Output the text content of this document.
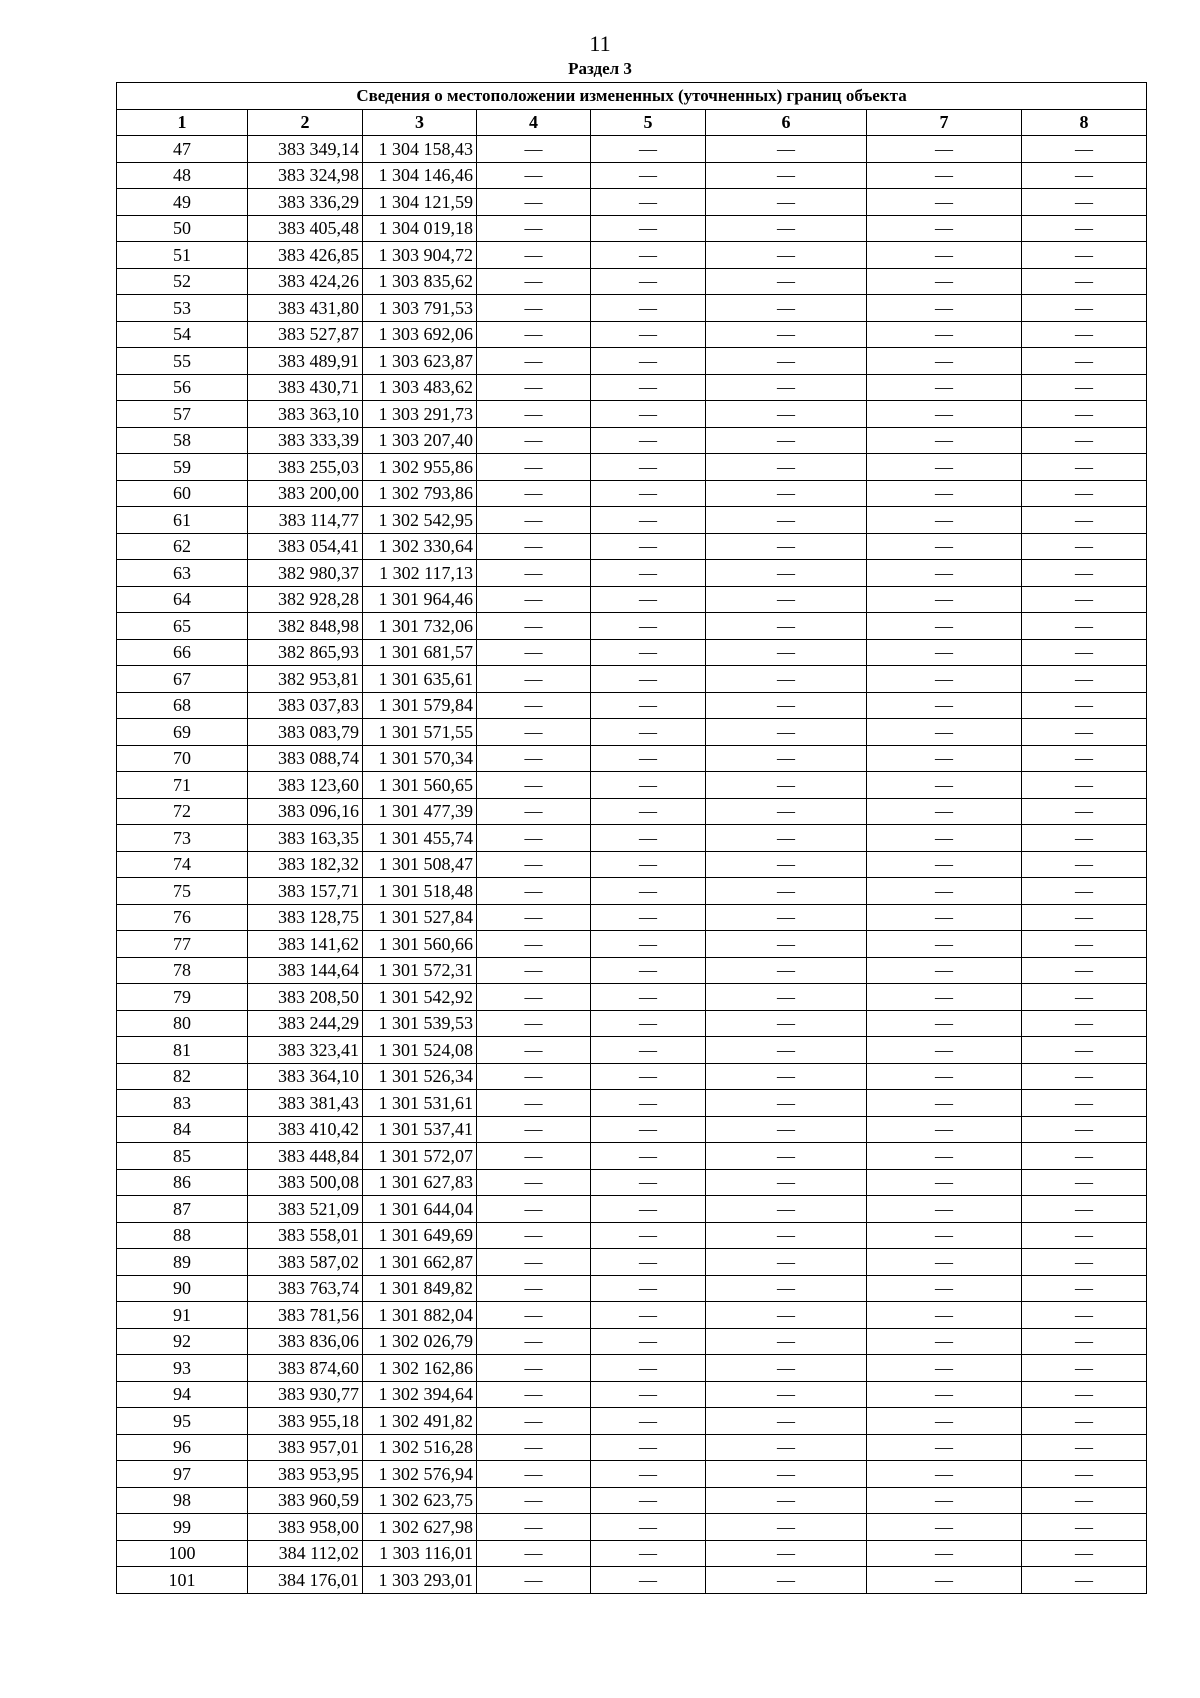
11
Раздел 3
Сведения о местоположении измененных (уточненных) границ объекта							
1	2	3	4	5	6	7	8
47	383 349,14	1 304 158,43	—	—	—	—	—
48	383 324,98	1 304 146,46	—	—	—	—	—
49	383 336,29	1 304 121,59	—	—	—	—	—
50	383 405,48	1 304 019,18	—	—	—	—	—
51	383 426,85	1 303 904,72	—	—	—	—	—
52	383 424,26	1 303 835,62	—	—	—	—	—
53	383 431,80	1 303 791,53	—	—	—	—	—
54	383 527,87	1 303 692,06	—	—	—	—	—
55	383 489,91	1 303 623,87	—	—	—	—	—
56	383 430,71	1 303 483,62	—	—	—	—	—
57	383 363,10	1 303 291,73	—	—	—	—	—
58	383 333,39	1 303 207,40	—	—	—	—	—
59	383 255,03	1 302 955,86	—	—	—	—	—
60	383 200,00	1 302 793,86	—	—	—	—	—
61	383 114,77	1 302 542,95	—	—	—	—	—
62	383 054,41	1 302 330,64	—	—	—	—	—
63	382 980,37	1 302 117,13	—	—	—	—	—
64	382 928,28	1 301 964,46	—	—	—	—	—
65	382 848,98	1 301 732,06	—	—	—	—	—
66	382 865,93	1 301 681,57	—	—	—	—	—
67	382 953,81	1 301 635,61	—	—	—	—	—
68	383 037,83	1 301 579,84	—	—	—	—	—
69	383 083,79	1 301 571,55	—	—	—	—	—
70	383 088,74	1 301 570,34	—	—	—	—	—
71	383 123,60	1 301 560,65	—	—	—	—	—
72	383 096,16	1 301 477,39	—	—	—	—	—
73	383 163,35	1 301 455,74	—	—	—	—	—
74	383 182,32	1 301 508,47	—	—	—	—	—
75	383 157,71	1 301 518,48	—	—	—	—	—
76	383 128,75	1 301 527,84	—	—	—	—	—
77	383 141,62	1 301 560,66	—	—	—	—	—
78	383 144,64	1 301 572,31	—	—	—	—	—
79	383 208,50	1 301 542,92	—	—	—	—	—
80	383 244,29	1 301 539,53	—	—	—	—	—
81	383 323,41	1 301 524,08	—	—	—	—	—
82	383 364,10	1 301 526,34	—	—	—	—	—
83	383 381,43	1 301 531,61	—	—	—	—	—
84	383 410,42	1 301 537,41	—	—	—	—	—
85	383 448,84	1 301 572,07	—	—	—	—	—
86	383 500,08	1 301 627,83	—	—	—	—	—
87	383 521,09	1 301 644,04	—	—	—	—	—
88	383 558,01	1 301 649,69	—	—	—	—	—
89	383 587,02	1 301 662,87	—	—	—	—	—
90	383 763,74	1 301 849,82	—	—	—	—	—
91	383 781,56	1 301 882,04	—	—	—	—	—
92	383 836,06	1 302 026,79	—	—	—	—	—
93	383 874,60	1 302 162,86	—	—	—	—	—
94	383 930,77	1 302 394,64	—	—	—	—	—
95	383 955,18	1 302 491,82	—	—	—	—	—
96	383 957,01	1 302 516,28	—	—	—	—	—
97	383 953,95	1 302 576,94	—	—	—	—	—
98	383 960,59	1 302 623,75	—	—	—	—	—
99	383 958,00	1 302 627,98	—	—	—	—	—
100	384 112,02	1 303 116,01	—	—	—	—	—
101	384 176,01	1 303 293,01	—	—	—	—	—
